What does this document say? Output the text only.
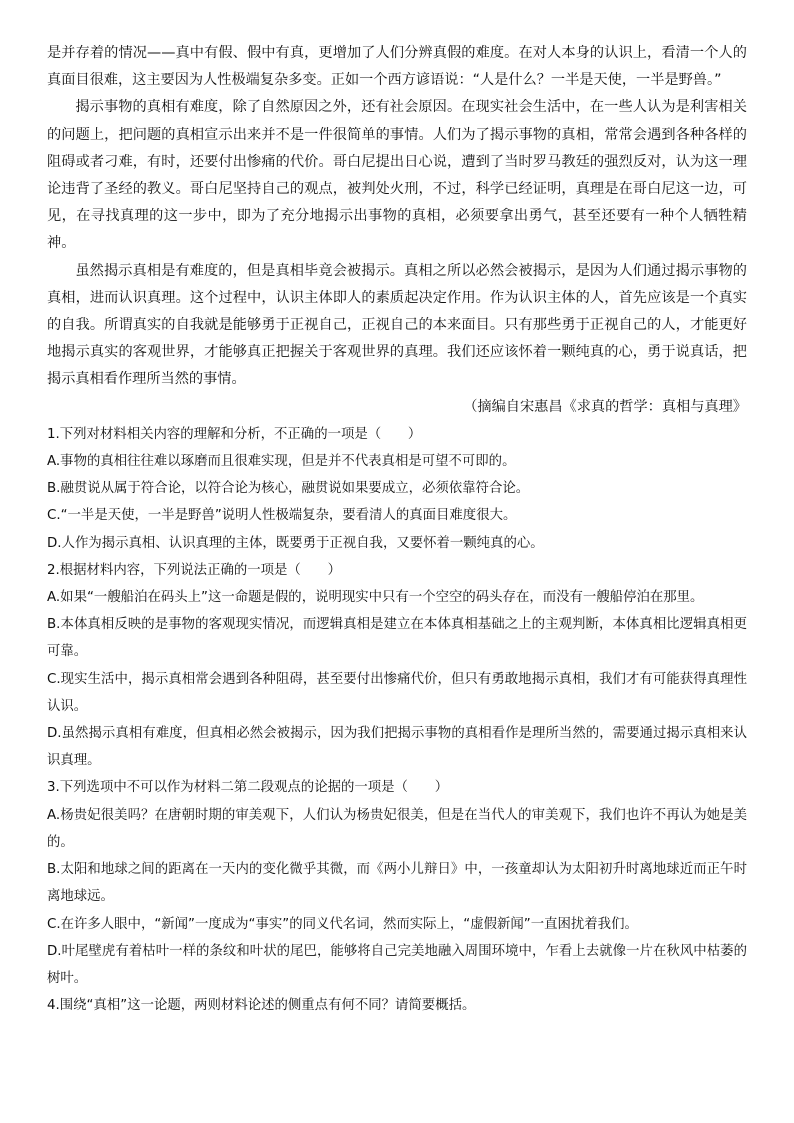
是并存着的情况——真中有假、假中有真，更增加了人们分辨真假的难度。在对人本身的认识上，看清一个人的真面目很难，这主要因为人性极端复杂多变。正如一个西方谚语说：“人是什么？一半是天使，一半是野兽。”

揭示事物的真相有难度，除了自然原因之外，还有社会原因。在现实社会生活中，在一些人认为是利害相关的问题上，把问题的真相宣示出来并不是一件很简单的事情。人们为了揭示事物的真相，常常会遇到各种各样的阻碍或者刁难，有时，还要付出惨痛的代价。哥白尼提出日心说，遭到了当时罗马教廷的强烈反对，认为这一理论违背了圣经的教义。哥白尼坚持自己的观点，被判处火刑，不过，科学已经证明，真理是在哥白尼这一边，可见，在寻找真理的这一步中，即为了充分地揭示出事物的真相，必须要拿出勇气，甚至还要有一种个人牺牲精神。

虽然揭示真相是有难度的，但是真相毕竟会被揭示。真相之所以必然会被揭示，是因为人们通过揭示事物的真相，进而认识真理。这个过程中，认识主体即人的素质起决定作用。作为认识主体的人，首先应该是一个真实的自我。所谓真实的自我就是能够勇于正视自己，正视自己的本来面目。只有那些勇于正视自己的人，才能更好地揭示真实的客观世界，才能够真正把握关于客观世界的真理。我们还应该怀着一颗纯真的心，勇于说真话，把揭示真相看作理所当然的事情。

（摘编自宋惠昌《求真的哲学：真相与真理》

1.下列对材料相关内容的理解和分析，不正确的一项是（　　）

A.事物的真相往往难以琢磨而且很难实现，但是并不代表真相是可望不可即的。

B.融贯说从属于符合论，以符合论为核心，融贯说如果要成立，必须依靠符合论。

C.“一半是天使，一半是野兽”说明人性极端复杂，要看清人的真面目难度很大。

D.人作为揭示真相、认识真理的主体，既要勇于正视自我，又要怀着一颗纯真的心。

2.根据材料内容，下列说法正确的一项是（　　）

A.如果“一艘船泊在码头上”这一命题是假的，说明现实中只有一个空空的码头存在，而没有一艘船停泊在那里。

B.本体真相反映的是事物的客观现实情况，而逻辑真相是建立在本体真相基础之上的主观判断，本体真相比逻辑真相更可靠。

C.现实生活中，揭示真相常会遇到各种阻碍，甚至要付出惨痛代价，但只有勇敢地揭示真相，我们才有可能获得真理性认识。

D.虽然揭示真相有难度，但真相必然会被揭示，因为我们把揭示事物的真相看作是理所当然的，需要通过揭示真相来认识真理。

3.下列选项中不可以作为材料二第二段观点的论据的一项是（　　）

A.杨贵妃很美吗？在唐朝时期的审美观下，人们认为杨贵妃很美，但是在当代人的审美观下，我们也许不再认为她是美的。

B.太阳和地球之间的距离在一天内的变化微乎其微，而《两小儿辩日》中，一孩童却认为太阳初升时离地球近而正午时离地球远。

C.在许多人眼中，“新闻”一度成为“事实”的同义代名词，然而实际上，“虚假新闻”一直困扰着我们。

D.叶尾壁虎有着枯叶一样的条纹和叶状的尾巴，能够将自己完美地融入周围环境中，乍看上去就像一片在秋风中枯萎的树叶。

4.围绕“真相”这一论题，两则材料论述的侧重点有何不同？请简要概括。
